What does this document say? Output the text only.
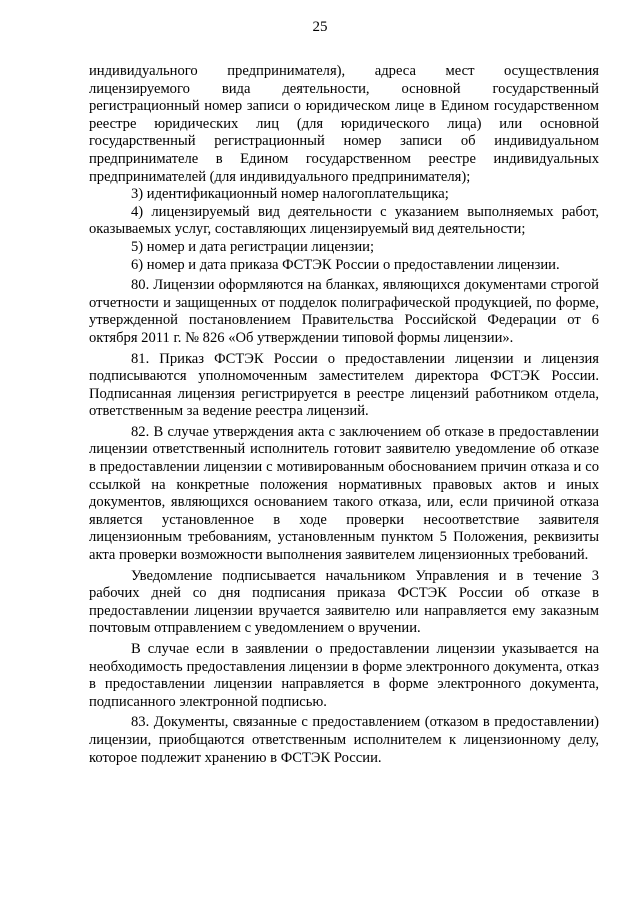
25

индивидуального предпринимателя), адреса мест осуществления лицензируемого вида деятельности, основной государственный регистрационный номер записи о юридическом лице в Едином государственном реестре юридических лиц (для юридического лица) или основной государственный регистрационный номер записи об индивидуальном предпринимателе в Едином государственном реестре индивидуальных предпринимателей (для индивидуального предпринимателя);

3) идентификационный номер налогоплательщика;

4) лицензируемый вид деятельности с указанием выполняемых работ, оказываемых услуг, составляющих лицензируемый вид деятельности;

5) номер и дата регистрации лицензии;

6) номер и дата приказа ФСТЭК России о предоставлении лицензии.

80. Лицензии оформляются на бланках, являющихся документами строгой отчетности и защищенных от подделок полиграфической продукцией, по форме, утвержденной постановлением Правительства Российской Федерации от 6 октября 2011 г. № 826 «Об утверждении типовой формы лицензии».

81. Приказ ФСТЭК России о предоставлении лицензии и лицензия подписываются уполномоченным заместителем директора ФСТЭК России. Подписанная лицензия регистрируется в реестре лицензий работником отдела, ответственным за ведение реестра лицензий.

82. В случае утверждения акта с заключением об отказе в предоставлении лицензии ответственный исполнитель готовит заявителю уведомление об отказе в предоставлении лицензии с мотивированным обоснованием причин отказа и со ссылкой на конкретные положения нормативных правовых актов и иных документов, являющихся основанием такого отказа, или, если причиной отказа является установленное в ходе проверки несоответствие заявителя лицензионным требованиям, установленным пунктом 5 Положения, реквизиты акта проверки возможности выполнения заявителем лицензионных требований.

Уведомление подписывается начальником Управления и в течение 3 рабочих дней со дня подписания приказа ФСТЭК России об отказе в предоставлении лицензии вручается заявителю или направляется ему заказным почтовым отправлением с уведомлением о вручении.

В случае если в заявлении о предоставлении лицензии указывается на необходимость предоставления лицензии в форме электронного документа, отказ в предоставлении лицензии направляется в форме электронного документа, подписанного электронной подписью.

83. Документы, связанные с предоставлением (отказом в предоставлении) лицензии, приобщаются ответственным исполнителем к лицензионному делу, которое подлежит хранению в ФСТЭК России.
